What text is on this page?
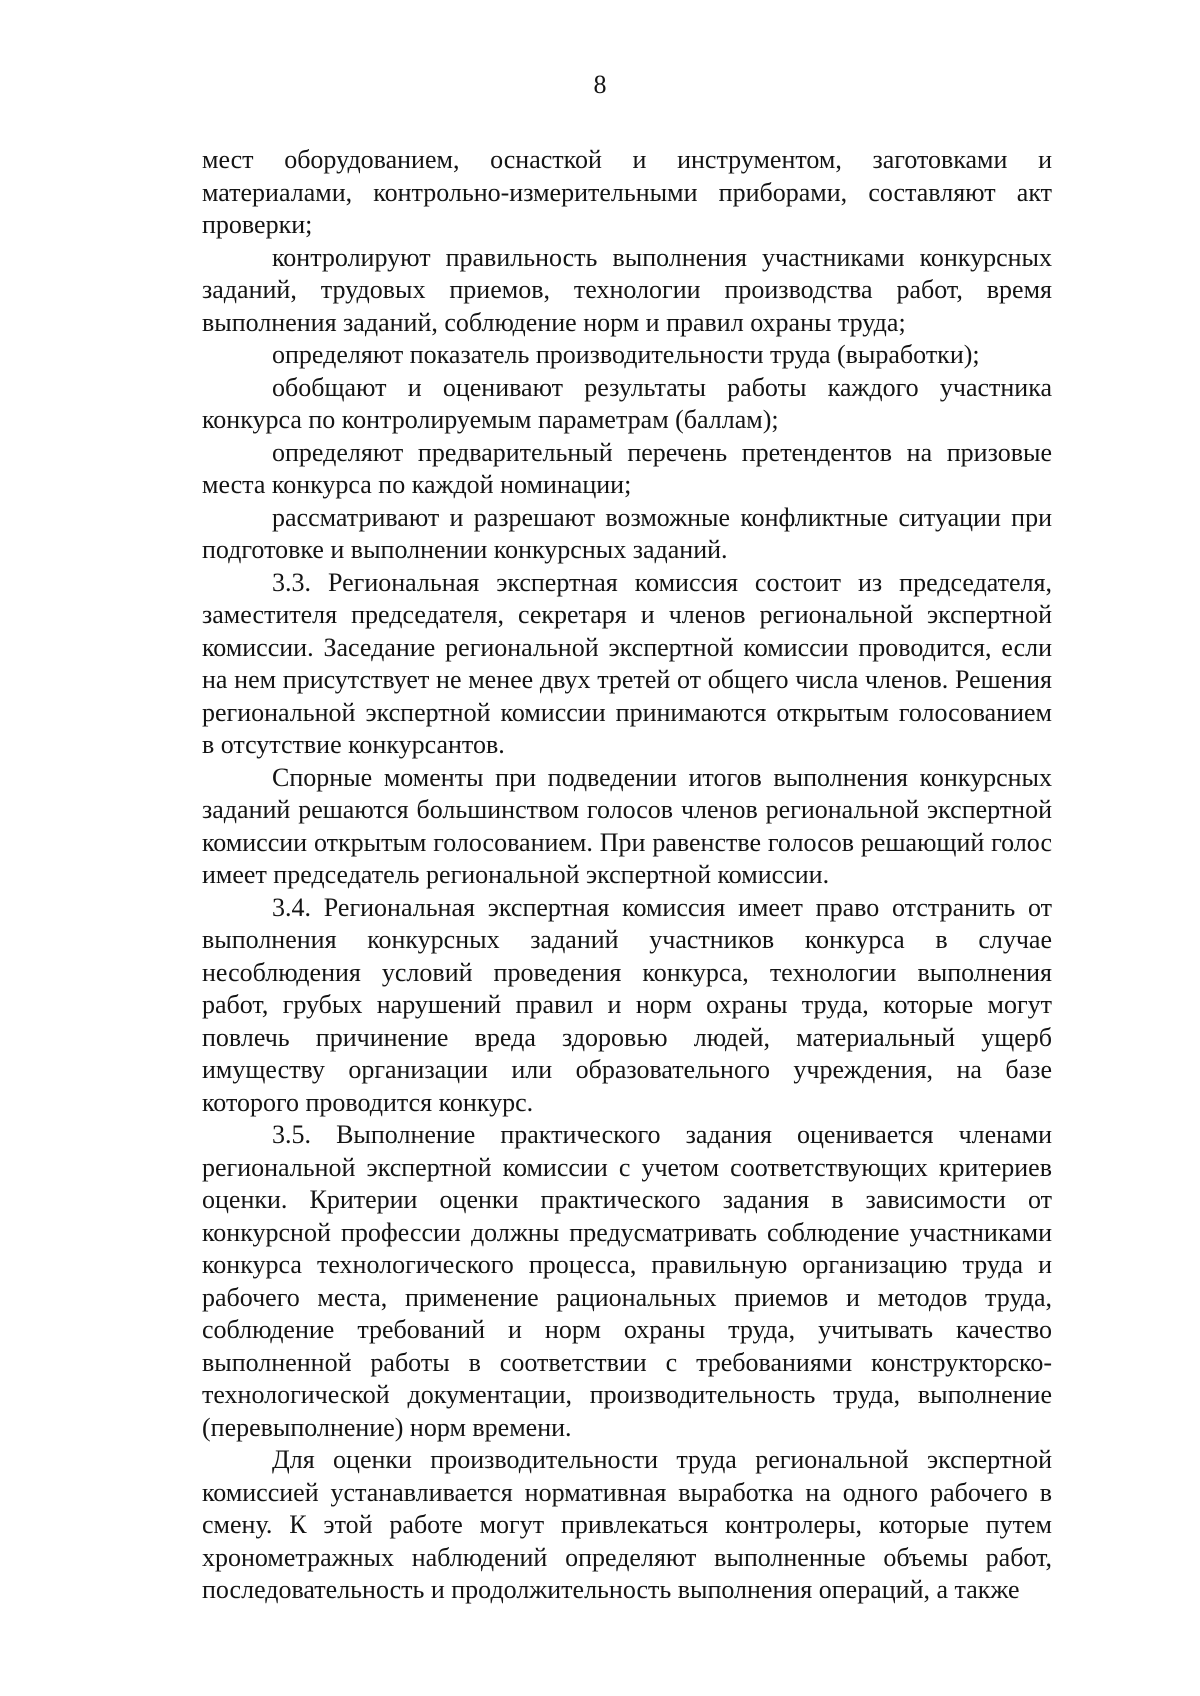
8

мест оборудованием, оснасткой и инструментом, заготовками и материалами, контрольно-измерительными приборами, составляют акт проверки;

контролируют правильность выполнения участниками конкурсных заданий, трудовых приемов, технологии производства работ, время выполнения заданий, соблюдение норм и правил охраны труда;

определяют показатель производительности труда (выработки);

обобщают и оценивают результаты работы каждого участника конкурса по контролируемым параметрам (баллам);

определяют предварительный перечень претендентов на призовые места конкурса по каждой номинации;

рассматривают и разрешают возможные конфликтные ситуации при подготовке и выполнении конкурсных заданий.

3.3. Региональная экспертная комиссия состоит из председателя, заместителя председателя, секретаря и членов региональной экспертной комиссии. Заседание региональной экспертной комиссии проводится, если на нем присутствует не менее двух третей от общего числа членов. Решения региональной экспертной комиссии принимаются открытым голосованием в отсутствие конкурсантов.

Спорные моменты при подведении итогов выполнения конкурсных заданий решаются большинством голосов членов региональной экспертной комиссии открытым голосованием. При равенстве голосов решающий голос имеет председатель региональной экспертной комиссии.

3.4. Региональная экспертная комиссия имеет право отстранить от выполнения конкурсных заданий участников конкурса в случае несоблюдения условий проведения конкурса, технологии выполнения работ, грубых нарушений правил и норм охраны труда, которые могут повлечь причинение вреда здоровью людей, материальный ущерб имуществу организации или образовательного учреждения, на базе которого проводится конкурс.

3.5. Выполнение практического задания оценивается членами региональной экспертной комиссии с учетом соответствующих критериев оценки. Критерии оценки практического задания в зависимости от конкурсной профессии должны предусматривать соблюдение участниками конкурса технологического процесса, правильную организацию труда и рабочего места, применение рациональных приемов и методов труда, соблюдение требований и норм охраны труда, учитывать качество выполненной работы в соответствии с требованиями конструкторско-технологической документации, производительность труда, выполнение (перевыполнение) норм времени.

Для оценки производительности труда региональной экспертной комиссией устанавливается нормативная выработка на одного рабочего в смену. К этой работе могут привлекаться контролеры, которые путем хронометражных наблюдений определяют выполненные объемы работ, последовательность и продолжительность выполнения операций, а также
